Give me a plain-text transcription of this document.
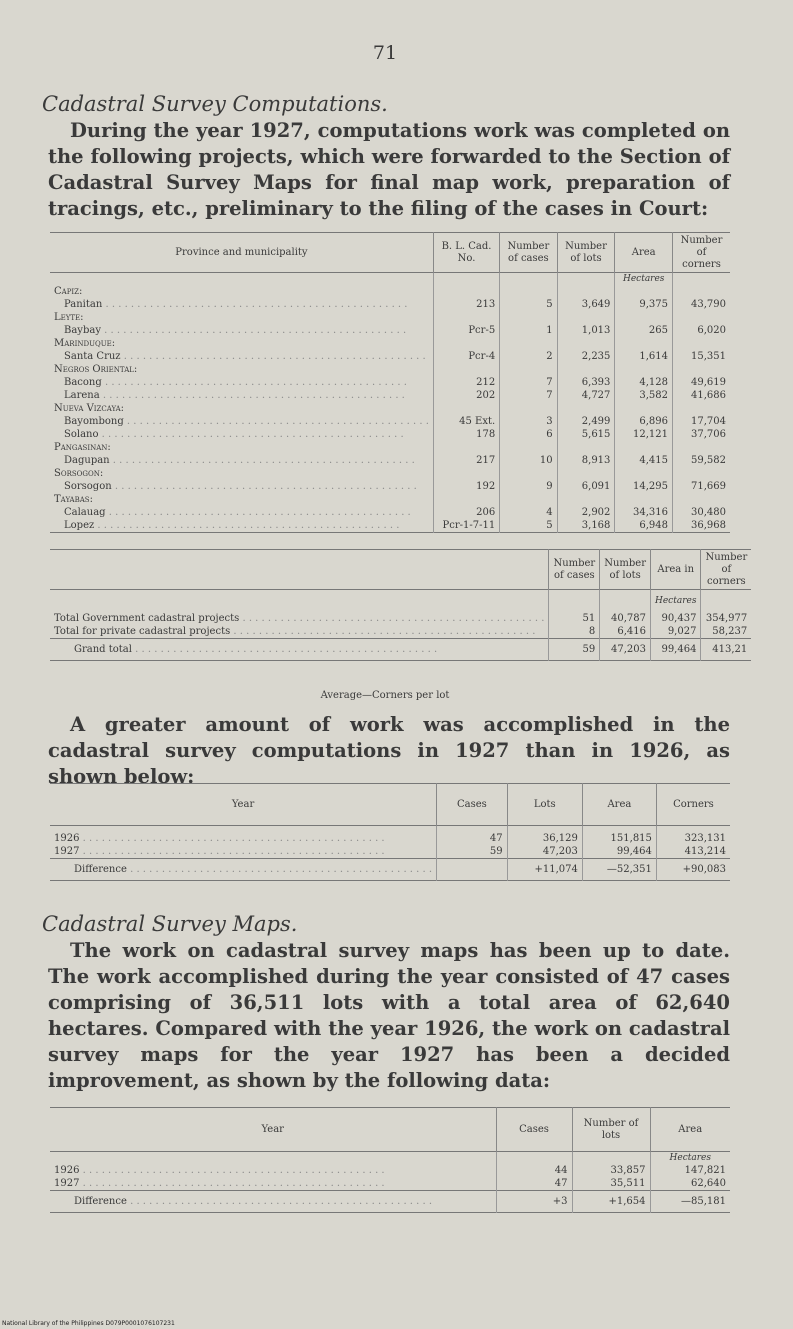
71
Cadastral Survey Computations.

During the year 1927, computations work was completed on the following projects, which were forwarded to the Section of Cadastral Survey Maps for final map work, preparation of tracings, etc., preliminary to the filing of the cases in Court:

Province and municipality	B. L. Cad. No.	Number of cases	Number of lots	Area	Number of corners
				Hectares	
Capiz:					
Panitan . . .	213	5	3,649	9,375	43,790
Leyte:					
Baybay . . .	Pcr-5	1	1,013	265	6,020
Marinduque:					
Santa Cruz . . .	Pcr-4	2	2,235	1,614	15,351
Negros Oriental:					
Bacong . . .	212	7	6,393	4,128	49,619
Larena . . .	202	7	4,727	3,582	41,686
Nueva Vizcaya:					
Bayombong . . .	45 Ext.	3	2,499	6,896	17,704
Solano . . .	178	6	5,615	12,121	37,706
Pangasinan:					
Dagupan . . .	217	10	8,913	4,415	59,582
Sorsogon:					
Sorsogon . . .	192	9	6,091	14,295	71,669
Tayabas:					
Calauag . . .	206	4	2,902	34,316	30,480
Lopez . . .	Pcr-1-7-11	5	3,168	6,948	36,968
	Number of cases	Number of lots	Area in	Number of corners
			Hectares	
Total Government cadastral projects . . .	51	40,787	90,437	354,977
Total for private cadastral projects . . .	8	6,416	9,027	58,237
Grand total . . .	59	47,203	99,464	413,21
Average—Corners per lot

A greater amount of work was accomplished in the cadastral survey computations in 1927 than in 1926, as shown below:

Year	Cases	Lots	Area	Corners

1926 . . .	47	36,129	151,815	323,131
1927 . . .	59	47,203	99,464	413,214
Difference . . .		+11,074	—52,351	+90,083
Cadastral Survey Maps.

The work on cadastral survey maps has been up to date. The work accomplished during the year consisted of 47 cases comprising of 36,511 lots with a total area of 62,640 hectares. Compared with the year 1926, the work on cadastral survey maps for the year 1927 has been a decided improvement, as shown by the following data:

Year	Cases	Number of lots	Area
			Hectares
1926 . . .	44	33,857	147,821
1927 . . .	47	35,511	62,640
Difference . . .	+3	+1,654	—85,181
National Library of the Philippines D079P0001076107231
